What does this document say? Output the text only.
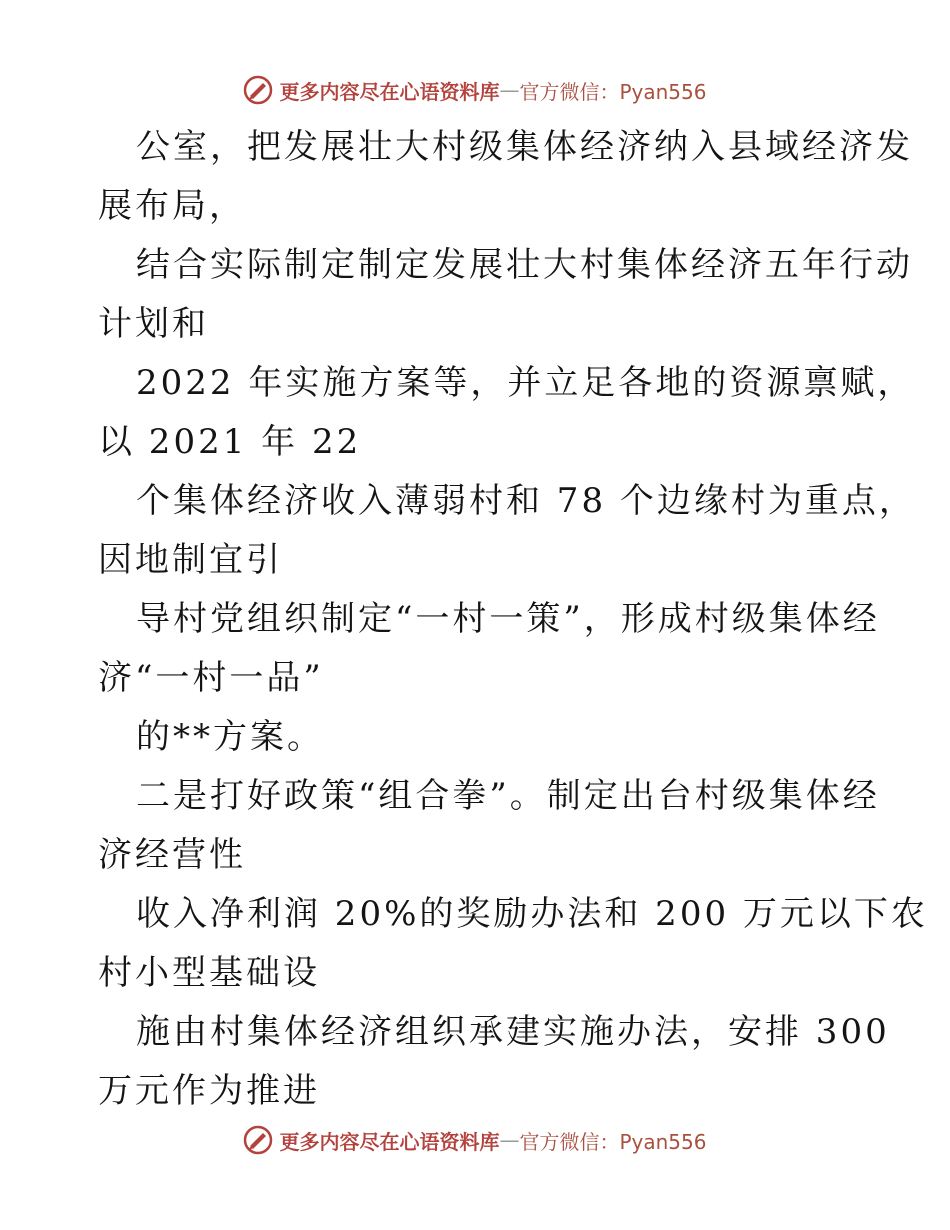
更多内容尽在心语资料库 — 官方微信：Pyan556
公室，把发展壮大村级集体经济纳入县域经济发
展布局，
结合实际制定制定发展壮大村集体经济五年行动
计划和
2022 年实施方案等，并立足各地的资源禀赋，
以 2021 年 22
个集体经济收入薄弱村和 78 个边缘村为重点，
因地制宜引
导村党组织制定“一村一策”，形成村级集体经
济“一村一品”
的**方案。
二是打好政策“组合拳”。制定出台村级集体经
济经营性
收入净利润 20%的奖励办法和 200 万元以下农
村小型基础设
施由村集体经济组织承建实施办法，安排 300
万元作为推进
更多内容尽在心语资料库 — 官方微信：Pyan556
